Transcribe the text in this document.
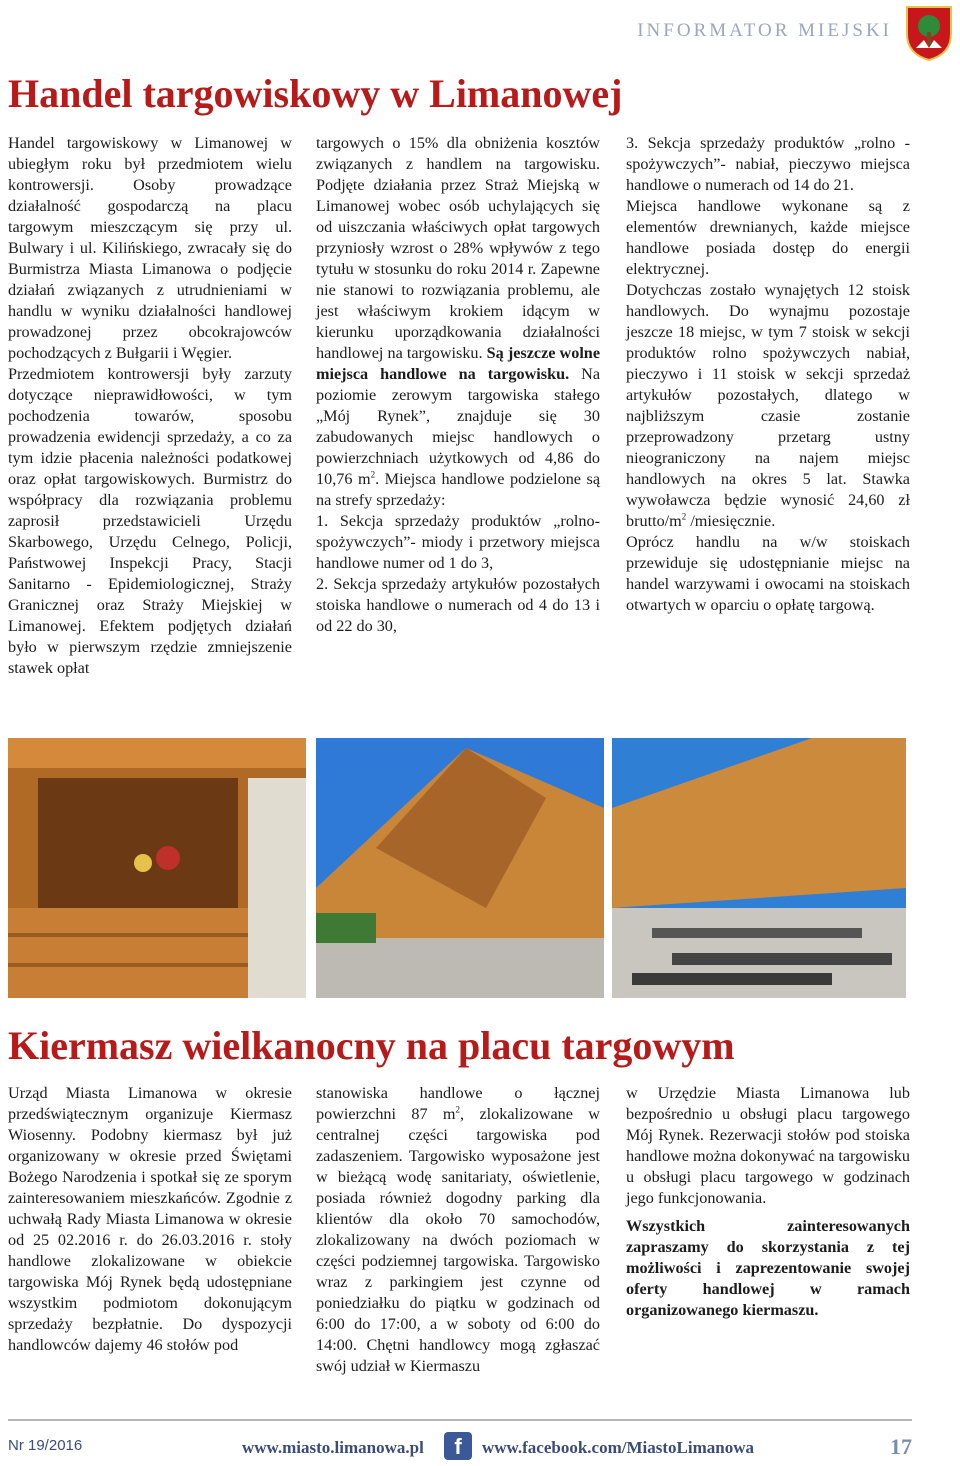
INFORMATOR MIEJSKI
Handel targowiskowy w Limanowej

Handel targowiskowy w Limanowej w ubiegłym roku był przedmiotem wielu kontrowersji. Osoby prowadzące działalność gospodarczą na placu targowym mieszczącym się przy ul. Bulwary i ul. Kilińskiego, zwracały się do Burmistrza Miasta Limanowa o podjęcie działań związanych z utrudnieniami w handlu w wyniku działalności handlowej prowadzonej przez obcokrajowców pochodzących z Bułgarii i Węgier.

Przedmiotem kontrowersji były zarzuty dotyczące nieprawidłowości, w tym pochodzenia towarów, sposobu prowadzenia ewidencji sprzedaży, a co za tym idzie płacenia należności podatkowej oraz opłat targowiskowych. Burmistrz do współpracy dla rozwiązania problemu zaprosił przedstawicieli Urzędu Skarbowego, Urzędu Celnego, Policji, Państwowej Inspekcji Pracy, Stacji Sanitarno - Epidemiologicznej, Straży Granicznej oraz Straży Miejskiej w Limanowej. Efektem podjętych działań było w pierwszym rzędzie zmniejszenie stawek opłat

targowych o 15% dla obniżenia kosztów związanych z handlem na targowisku. Podjęte działania przez Straż Miejską w Limanowej wobec osób uchylających się od uiszczania właściwych opłat targowych przyniosły wzrost o 28% wpływów z tego tytułu w stosunku do roku 2014 r. Zapewne nie stanowi to rozwiązania problemu, ale jest właściwym krokiem idącym w kierunku uporządkowania działalności handlowej na targowisku. Są jeszcze wolne miejsca handlowe na targowisku. Na poziomie zerowym targowiska stałego „Mój Rynek”, znajduje się 30 zabudowanych miejsc handlowych o powierzchniach użytkowych od 4,86 do 10,76 $m^2$. Miejsca handlowe podzielone są na strefy sprzedaży:

1. Sekcja sprzedaży produktów „rolno-spożywczych”- miody i przetwory miejsca handlowe numer od 1 do 3,

2. Sekcja sprzedaży artykułów pozostałych stoiska handlowe o numerach od 4 do 13 i od 22 do 30,

3. Sekcja sprzedaży produktów „rolno - spożywczych”- nabiał, pieczywo miejsca handlowe o numerach od 14 do 21.

Miejsca handlowe wykonane są z elementów drewnianych, każde miejsce handlowe posiada dostęp do energii elektrycznej.

Dotychczas zostało wynajętych 12 stoisk handlowych. Do wynajmu pozostaje jeszcze 18 miejsc, w tym 7 stoisk w sekcji produktów rolno spożywczych nabiał, pieczywo i 11 stoisk w sekcji sprzedaż artykułów pozostałych, dlatego w najbliższym czasie zostanie przeprowadzony przetarg ustny nieograniczony na najem miejsc handlowych na okres 5 lat. Stawka wywoławcza będzie wynosić 24,60 zł brutto/$m^2$ /miesięcznie.

Oprócz handlu na w/w stoiskach przewiduje się udostępnianie miejsc na handel warzywami i owocami na stoiskach otwartych w oparciu o opłatę targową.

Kiermasz wielkanocny na placu targowym

Urząd Miasta Limanowa w okresie przedświątecznym organizuje Kiermasz Wiosenny. Podobny kiermasz był już organizowany w okresie przed Świętami Bożego Narodzenia i spotkał się ze sporym zainteresowaniem mieszkańców. Zgodnie z uchwałą Rady Miasta Limanowa w okresie od 25 02.2016 r. do 26.03.2016 r. stoły handlowe zlokalizowane w obiekcie targowiska Mój Rynek będą udostępniane wszystkim podmiotom dokonującym sprzedaży bezpłatnie. Do dyspozycji handlowców dajemy 46 stołów pod

stanowiska handlowe o łącznej powierzchni 87 $m^2$, zlokalizowane w centralnej części targowiska pod zadaszeniem. Targowisko wyposażone jest w bieżącą wodę sanitariaty, oświetlenie, posiada również dogodny parking dla klientów dla około 70 samochodów, zlokalizowany na dwóch poziomach w części podziemnej targowiska. Targowisko wraz z parkingiem jest czynne od poniedziałku do piątku w godzinach od 6:00 do 17:00, a w soboty od 6:00 do 14:00. Chętni handlowcy mogą zgłaszać swój udział w Kiermaszu

w Urzędzie Miasta Limanowa lub bezpośrednio u obsługi placu targowego Mój Rynek. Rezerwacji stołów pod stoiska handlowe można dokonywać na targowisku u obsługi placu targowego w godzinach jego funkcjonowania.

Wszystkich zainteresowanych zapraszamy do skorzystania z tej możliwości i zaprezentowanie swojej oferty handlowej w ramach organizowanego kiermaszu.

Nr 19/2016	www.miasto.limanowa.pl	f	www.facebook.com/MiastoLimanowa	17
